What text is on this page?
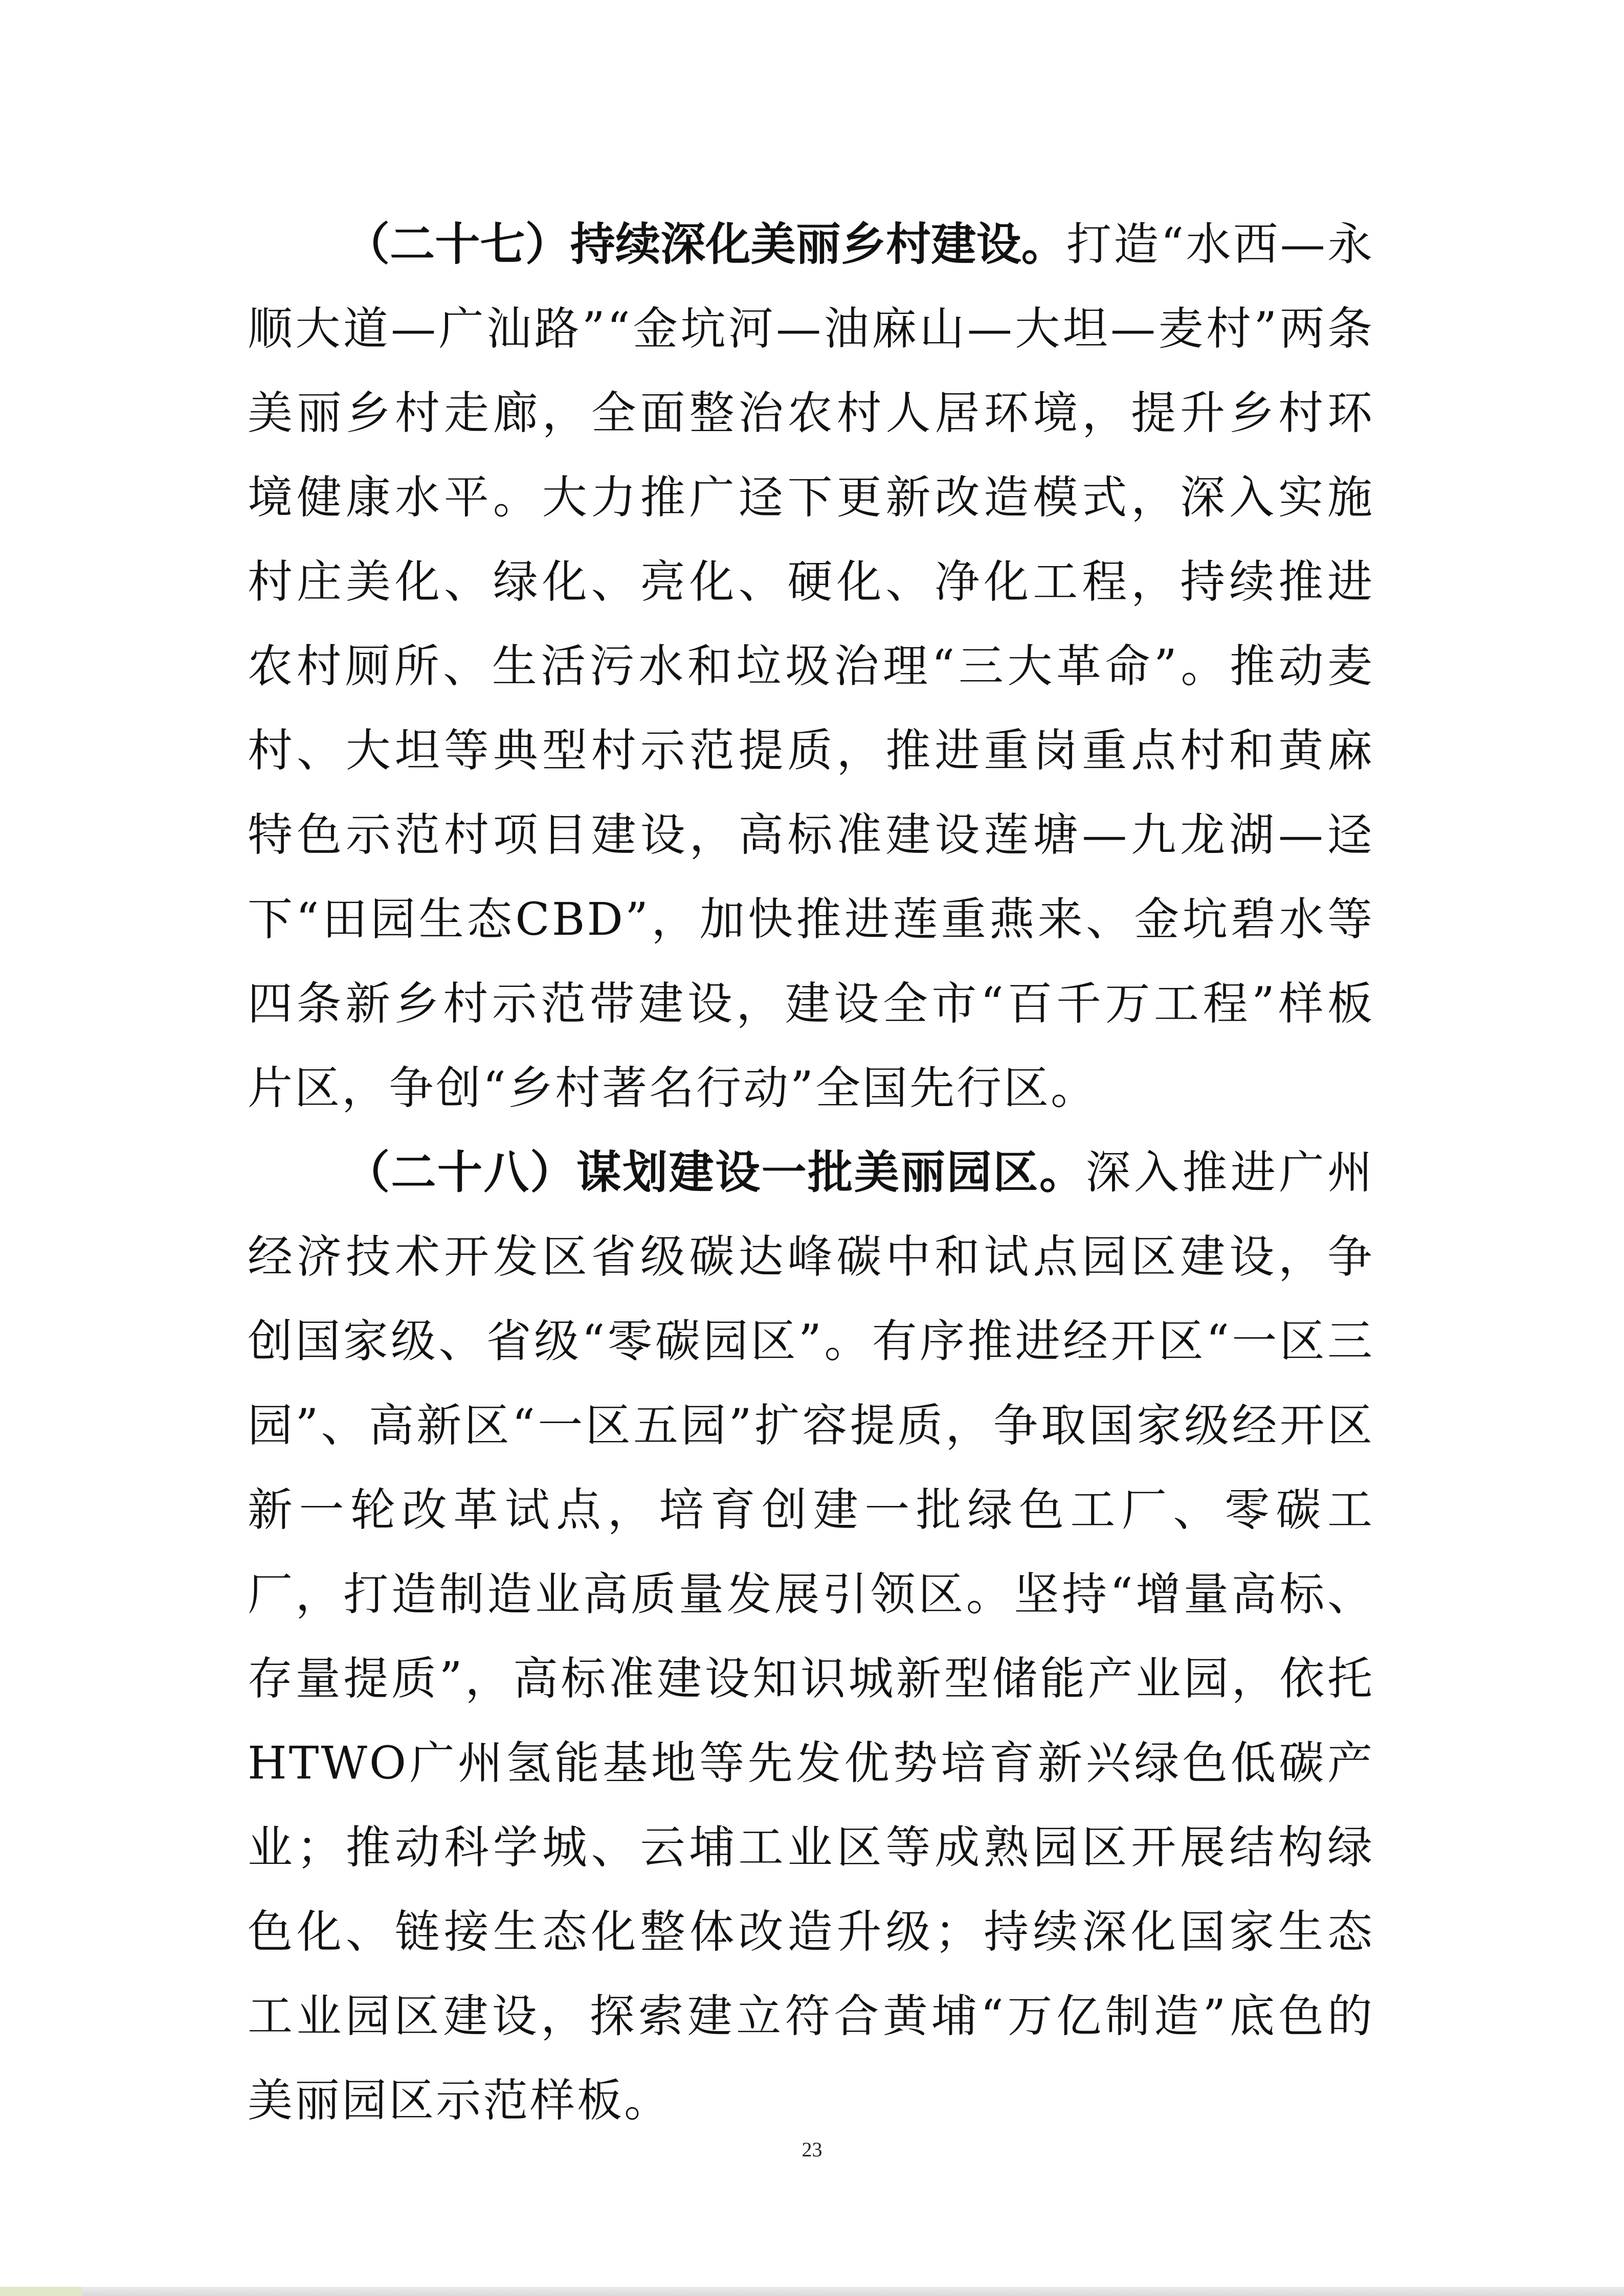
（二十七）持续深化美丽乡村建设。打造“水西—永顺大道—广汕路”“金坑河—油麻山—大坦—麦村”两条美丽乡村走廊，全面整治农村人居环境，提升乡村环境健康水平。大力推广迳下更新改造模式，深入实施村庄美化、绿化、亮化、硬化、净化工程，持续推进农村厕所、生活污水和垃圾治理“三大革命”。推动麦村、大坦等典型村示范提质，推进重岗重点村和黄麻特色示范村项目建设，高标准建设莲塘—九龙湖—迳下“田园生态CBD”，加快推进莲重燕来、金坑碧水等四条新乡村示范带建设，建设全市“百千万工程”样板片区，争创“乡村著名行动”全国先行区。

（二十八）谋划建设一批美丽园区。深入推进广州经济技术开发区省级碳达峰碳中和试点园区建设，争创国家级、省级“零碳园区”。有序推进经开区“一区三园”、高新区“一区五园”扩容提质，争取国家级经开区新一轮改革试点，培育创建一批绿色工厂、零碳工厂，打造制造业高质量发展引领区。坚持“增量高标、存量提质”，高标准建设知识城新型储能产业园，依托HTWO广州氢能基地等先发优势培育新兴绿色低碳产业；推动科学城、云埔工业区等成熟园区开展结构绿色化、链接生态化整体改造升级；持续深化国家生态工业园区建设，探索建立符合黄埔“万亿制造”底色的美丽园区示范样板。

23
